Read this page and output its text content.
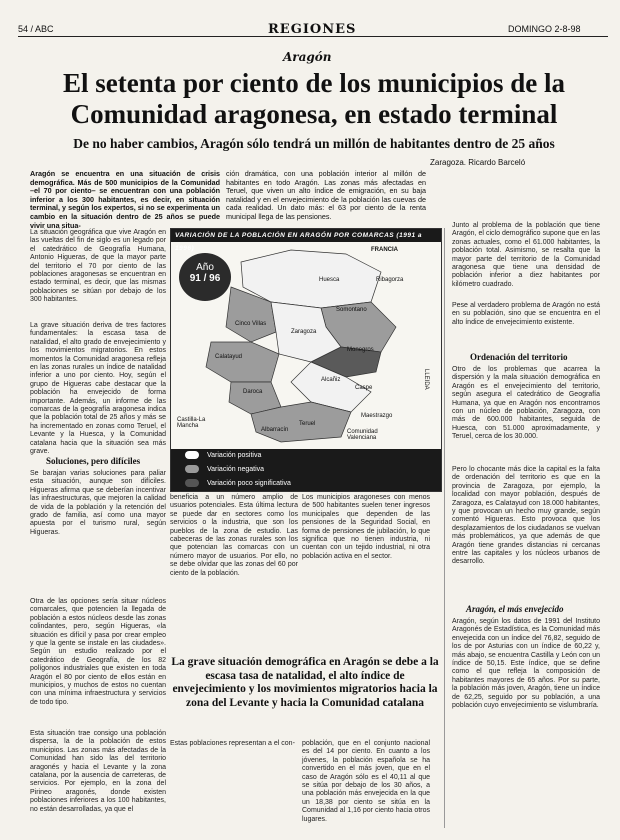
54 / ABC	REGIONES	DOMINGO 2-8-98
Aragón
El setenta por ciento de los municipios de la Comunidad aragonesa, en estado terminal
De no haber cambios, Aragón sólo tendrá un millón de habitantes dentro de 25 años
Zaragoza. Ricardo Barceló
Aragón se encuentra en una situación de crisis demográfica. Más de 500 municipios de la Comunidad –el 70 por ciento– se encuentran con una población inferior a los 300 habitantes, es decir, en situación terminal, y según los expertos, si no se experimenta un cambio en la situación dentro de 25 años se puede vivir una situa-
ción dramática, con una población interior al millón de habitantes en todo Aragón. Las zonas más afectadas en Teruel, que viven un alto índice de emigración, en su baja natalidad y en el envejecimiento de la población las cuevas de cada realidad. Un dato más: el 63 por ciento de la renta municipal llega de las pensiones.
La situación geográfica que vive Aragón en las vueltas del fin de siglo es un legado por el catedrático de Geografía Humana, Antonio Higueras, de que la mayor parte del territorio el 70 por ciento de las poblaciones aragonesas se encuentran en estado terminal, es decir, que las mismas poblaciones se sitúan por debajo de los 300 habitantes.
La grave situación deriva de tres factores fundamentales: la escasa tasa de natalidad, el alto grado de envejecimiento y los movimientos migratorios. En estos momentos la Comunidad aragonesa refleja en las zonas rurales un índice de natalidad inferior a uno por ciento. Hoy, según el grupo de Higueras cabe destacar que la población ha envejecido de forma importante. Además, un informe de las comarcas de la geografía aragonesa indica que la población total de 25 años y más se ha incrementado en zonas como Teruel, el Levante y la Huesca, y la Comunidad catalana hacia que la situación sea más grave.
Soluciones, pero difíciles
Se barajan varias soluciones para paliar esta situación, aunque son difíciles. Higueras afirma que se deberían incentivar las infraestructuras, que mejoren la calidad de vida de la población y la retención del grado de familia, así como una mayor apuesta por el turismo rural, según Higueras.
Otra de las opciones sería situar núcleos comarcales, que potencien la llegada de población a estos núcleos desde las zonas colindantes, pero, según Higueras, «la situación es difícil y pasa por crear empleo y que la gente se instale en las ciudades». Según un estudio realizado por el catedrático de Geografía, de los 82 polígonos industriales que existen en toda Aragón el 80 por ciento de ellos están en municipios, y muchos de estos no cuentan con una mínima infraestructura y servicios de todo tipo.
Esta situación trae consigo una población dispersa, la de la población de estos municipios. Las zonas más afectadas de la Comunidad han sido las del territorio aragonés y hacia el Levante y la zona catalana, por la ausencia de carreteras, de servicios. Por ejemplo, en la zona del Pirineo aragonés, donde existen poblaciones inferiores a los 100 habitantes, no están desarrolladas, ya que el
VARIACIÓN DE LA POBLACIÓN EN ARAGÓN POR COMARCAS (1991 a 1996)
Año
91 / 96
FRANCIA
LLEIDA
Cinco Villas
Zaragoza
Huesca
Somontano
Ribagorza
Monegros
Calatayud
Daroca
Alcañiz
Caspe
Teruel
Albarracín
Castilla-La Mancha
Comunidad Valenciana
Maestrazgo
Variación positiva
Variación negativa
Variación poco significativa
beneficia a un número amplio de usuarios potenciales. Esta última lectura se puede dar en sectores como los servicios o la industria, que son los pueblos de la zona de estudio. Las cabeceras de las zonas rurales son los que potencian las comarcas con un número mayor de usuarios. Por ello, no se debe olvidar que las zonas del 60 por ciento de la población.
Los municipios aragoneses con menos de 500 habitantes suelen tener ingresos municipales que dependen de las pensiones de la Seguridad Social, en forma de pensiones de jubilación, lo que significa que no tienen industria, ni cuentan con un tejido industrial, ni otra población activa en el sector.
La grave situación demográfica en Aragón se debe a la escasa tasa de natalidad, el alto índice de envejecimiento y los movimientos migratorios hacia la zona del Levante y hacia la Comunidad catalana
Estas poblaciones representan a el con-	población, que en el conjunto nacional es del 14 por ciento. En cuanto a los jóvenes, la población española se ha convertido en el más joven, que en el caso de Aragón sólo es el 40,11 al que se sitúa por debajo de los 30 años, a una población más envejecida en la que un 18,38 por ciento se sitúa en la Comunidad al 1,16 por ciento hacia otros lugares.
Junto al problema de la población que tiene Aragón, el ciclo demográfico supone que en las zonas actuales, como el 61.000 habitantes, la población total. Asimismo, se resalta que la mayor parte del territorio de la Comunidad aragonesa que tiene una densidad de población inferior a diez habitantes por kilómetro cuadrado.
Pese al verdadero problema de Aragón no está en su población, sino que se encuentra en el alto índice de envejecimiento existente.
Ordenación del territorio
Otro de los problemas que acarrea la dispersión y la mala situación demográfica en Aragón es el envejecimiento del territorio, según asegura el catedrático de Geografía Humana, ya que en Aragón nos encontramos con un núcleo de población, Zaragoza, con más de 600.000 habitantes, seguida de Huesca, con 51.000 aproximadamente, y Teruel, cerca de los 30.000.
Pero lo chocante más dice la capital es la falta de ordenación del territorio es que en la provincia de Zaragoza, por ejemplo, la localidad con mayor población, después de Zaragoza, es Calatayud con 18.000 habitantes, y que provocan un hecho muy grande, según comentó Higueras. Esto provoca que los desplazamientos de los ciudadanos se vuelvan más problemáticos, ya que además de que Aragón tiene grandes distancias ni cercanas entre las capitales y los núcleos urbanos de desarrollo.
Aragón, el más envejecido
Aragón, según los datos de 1991 del Instituto Aragonés de Estadística, es la Comunidad más envejecida con un índice del 76,82, seguido de los de por Asturias con un índice de 60,22 y, más abajo, se encuentra Castilla y León con un índice de 50,15. Este índice, que se define como el que refleja la composición de habitantes mayores de 65 años. Por su parte, la población más joven, Aragón, tiene un índice de 62,25, seguido por su población, a una población cuyo envejecimiento se vislumbraría.
